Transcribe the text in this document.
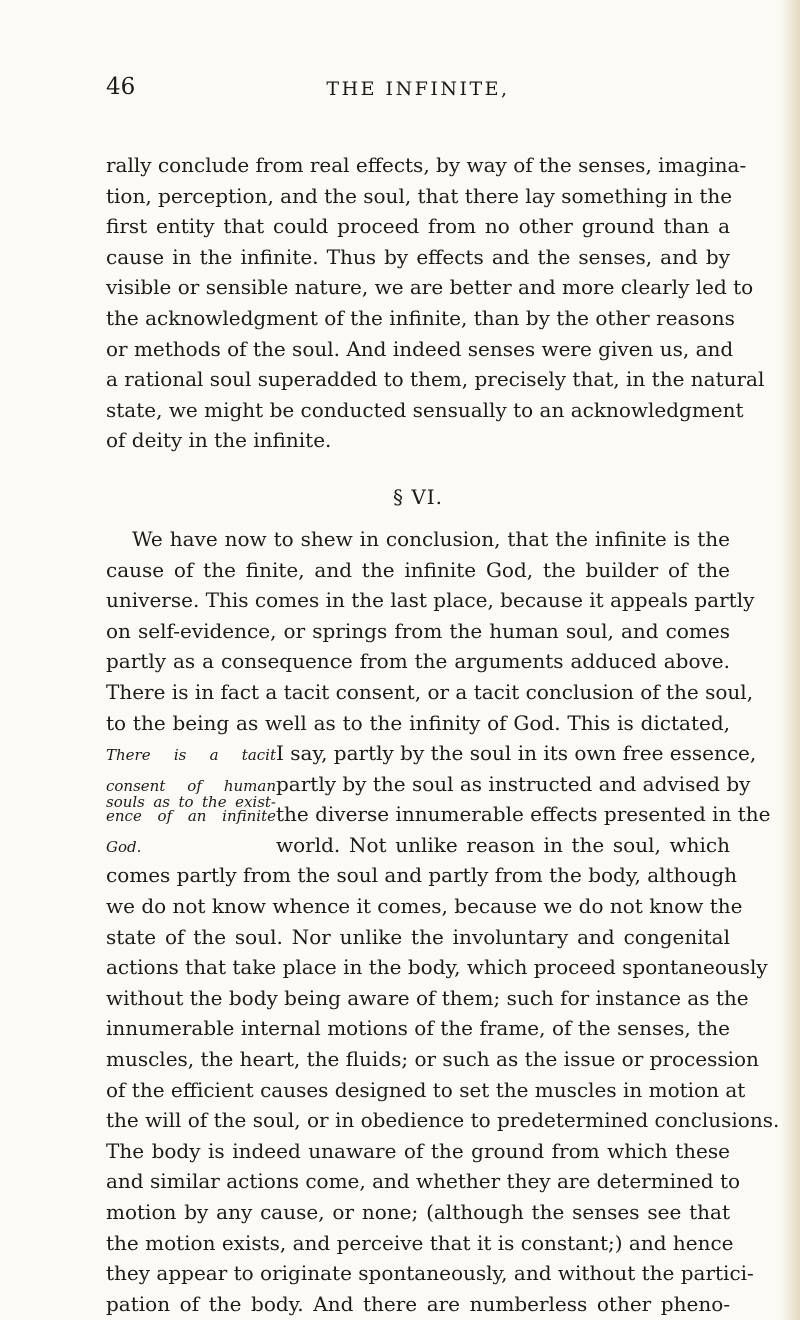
46	THE INFINITE,
rally conclude from real effects, by way of the senses, imagina-
tion, perception, and the soul, that there lay something in the
first entity that could proceed from no other ground than a
cause in the infinite. Thus by effects and the senses, and by
visible or sensible nature, we are better and more clearly led to
the acknowledgment of the infinite, than by the other reasons
or methods of the soul. And indeed senses were given us, and
a rational soul superadded to them, precisely that, in the natural
state, we might be conducted sensually to an acknowledgment
of deity in the infinite.
§ VI.
We have now to shew in conclusion, that the infinite is the
cause of the finite, and the infinite God, the builder of the
universe. This comes in the last place, because it appeals partly
on self-evidence, or springs from the human soul, and comes
partly as a consequence from the arguments adduced above.
There is in fact a tacit consent, or a tacit conclusion of the soul,
to the being as well as to the infinity of God. This is dictated,
There is a tacit I say, partly by the soul in its own free essence,
consent of human
souls as to the exist-
partly by the soul as instructed and advised by
ence of an infinite the diverse innumerable effects presented in the
God.	world. Not unlike reason in the soul, which
comes partly from the soul and partly from the body, although
we do not know whence it comes, because we do not know the
state of the soul. Nor unlike the involuntary and congenital
actions that take place in the body, which proceed spontaneously
without the body being aware of them; such for instance as the
innumerable internal motions of the frame, of the senses, the
muscles, the heart, the fluids; or such as the issue or procession
of the efficient causes designed to set the muscles in motion at
the will of the soul, or in obedience to predetermined conclusions.
The body is indeed unaware of the ground from which these
and similar actions come, and whether they are determined to
motion by any cause, or none; (although the senses see that
the motion exists, and perceive that it is constant;) and hence
they appear to originate spontaneously, and without the partici-
pation of the body. And there are numberless other pheno-
